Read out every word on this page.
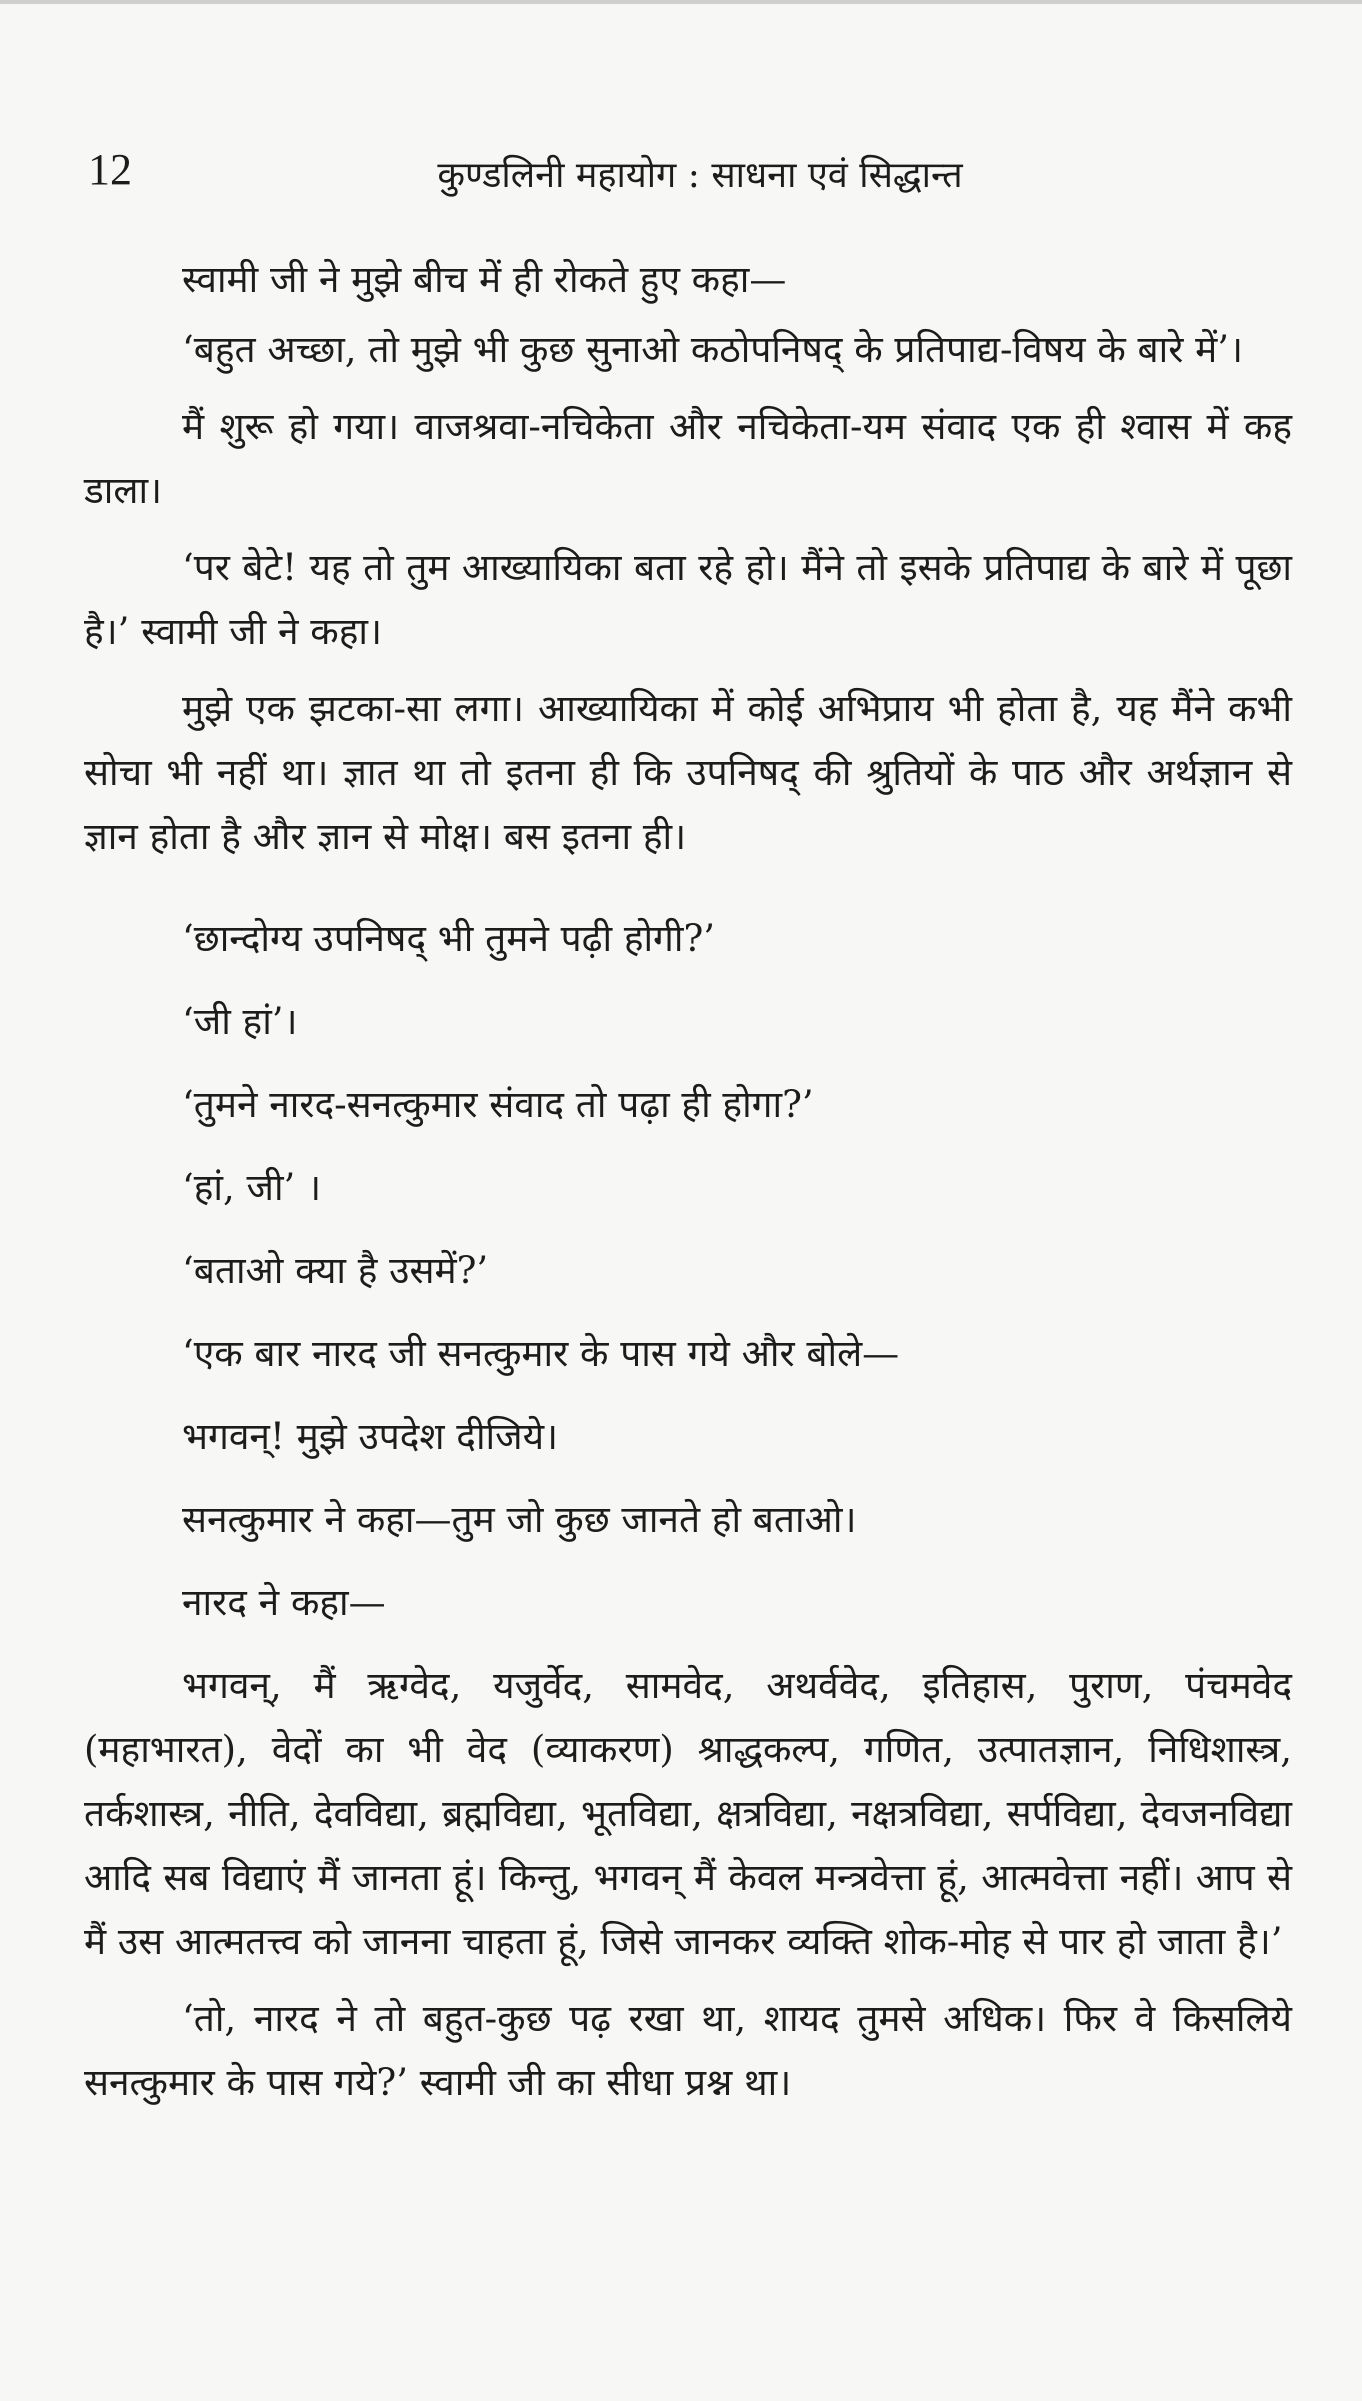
12	कुण्डलिनी महायोग : साधना एवं सिद्धान्त

स्वामी जी ने मुझे बीच में ही रोकते हुए कहा—

‘बहुत अच्छा, तो मुझे भी कुछ सुनाओ कठोपनिषद् के प्रतिपाद्य-विषय के बारे में’।

मैं शुरू हो गया। वाजश्रवा-नचिकेता और नचिकेता-यम संवाद एक ही श्वास में कह डाला।

‘पर बेटे! यह तो तुम आख्यायिका बता रहे हो। मैंने तो इसके प्रतिपाद्य के बारे में पूछा है।’ स्वामी जी ने कहा।

मुझे एक झटका-सा लगा। आख्यायिका में कोई अभिप्राय भी होता है, यह मैंने कभी सोचा भी नहीं था। ज्ञात था तो इतना ही कि उपनिषद् की श्रुतियों के पाठ और अर्थज्ञान से ज्ञान होता है और ज्ञान से मोक्ष। बस इतना ही।

‘छान्दोग्य उपनिषद् भी तुमने पढ़ी होगी?’
‘जी हां’।
‘तुमने नारद-सनत्कुमार संवाद तो पढ़ा ही होगा?’
‘हां, जी’ ।
‘बताओ क्या है उसमें?’
‘एक बार नारद जी सनत्कुमार के पास गये और बोले—
भगवन्! मुझे उपदेश दीजिये।
सनत्कुमार ने कहा—तुम जो कुछ जानते हो बताओ।
नारद ने कहा—

भगवन्, मैं ऋग्वेद, यजुर्वेद, सामवेद, अथर्ववेद, इतिहास, पुराण, पंचमवेद (महाभारत), वेदों का भी वेद (व्याकरण) श्राद्धकल्प, गणित, उत्पातज्ञान, निधिशास्त्र, तर्कशास्त्र, नीति, देवविद्या, ब्रह्मविद्या, भूतविद्या, क्षत्रविद्या, नक्षत्रविद्या, सर्पविद्या, देवजनविद्या आदि सब विद्याएं मैं जानता हूं। किन्तु, भगवन् मैं केवल मन्त्रवेत्ता हूं, आत्मवेत्ता नहीं। आप से मैं उस आत्मतत्त्व को जानना चाहता हूं, जिसे जानकर व्यक्ति शोक-मोह से पार हो जाता है।’

‘तो, नारद ने तो बहुत-कुछ पढ़ रखा था, शायद तुमसे अधिक। फिर वे किसलिये सनत्कुमार के पास गये?’ स्वामी जी का सीधा प्रश्न था।
